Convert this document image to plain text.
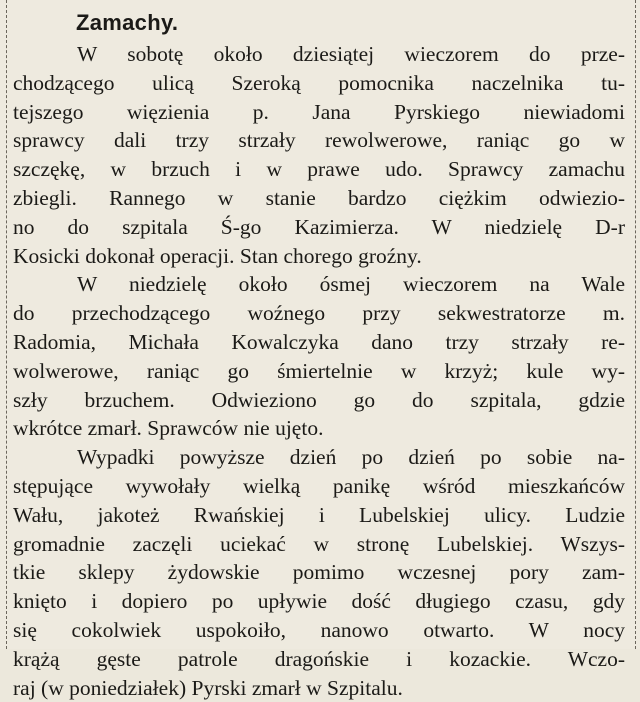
Zamachy.
W sobotę około dziesiątej wieczorem do prze-
chodzącego ulicą Szeroką pomocnika naczelnika tu-
tejszego więzienia p. Jana Pyrskiego niewiadomi
sprawcy dali trzy strzały rewolwerowe, raniąc go w
szczękę, w brzuch i w prawe udo. Sprawcy zamachu
zbiegli. Rannego w stanie bardzo ciężkim odwiezio-
no do szpitala Ś-go Kazimierza. W niedzielę D-r
Kosicki dokonał operacji. Stan chorego groźny.
W niedzielę około ósmej wieczorem na Wale
do przechodzącego woźnego przy sekwestratorze m.
Radomia, Michała Kowalczyka dano trzy strzały re-
wolwerowe, raniąc go śmiertelnie w krzyż; kule wy-
szły brzuchem. Odwieziono go do szpitala, gdzie
wkrótce zmarł. Sprawców nie ujęto.
Wypadki powyższe dzień po dzień po sobie na-
stępujące wywołały wielką panikę wśród mieszkańców
Wału, jakoteż Rwańskiej i Lubelskiej ulicy. Ludzie
gromadnie zaczęli uciekać w stronę Lubelskiej. Wszys-
tkie sklepy żydowskie pomimo wczesnej pory zam-
knięto i dopiero po upływie dość długiego czasu, gdy
się cokolwiek uspokoiło, nanowo otwarto. W nocy
krążą gęste patrole dragońskie i kozackie. Wczo-
raj (w poniedziałek) Pyrski zmarł w Szpitalu.
